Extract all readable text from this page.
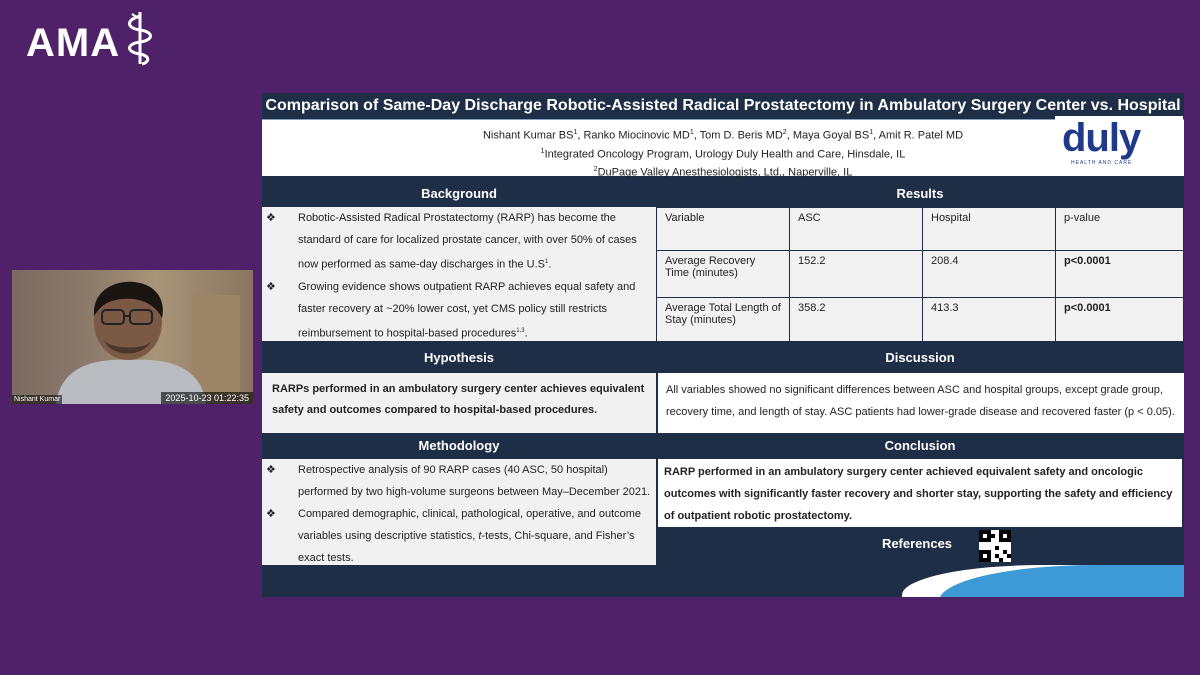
AMA
Nishant Kumar	2025-10-23 01:22:35
Comparison of Same-Day Discharge Robotic-Assisted Radical Prostatectomy in Ambulatory Surgery Center vs. Hospital
Nishant Kumar $BS^1$, Ranko Miocinovic $MD^1$, Tom D. Beris $MD^2$, Maya Goyal $BS^1$, Amit R. Patel MD
$^1$Integrated Oncology Program, Urology Duly Health and Care, Hinsdale, IL
$^2$DuPage Valley Anesthesiologists, Ltd., Naperville, IL
duly
HEALTH AND CARE
Background
❖ Robotic-Assisted Radical Prostatectomy (RARP) has become the standard of care for localized prostate cancer, with over 50% of cases now performed as same-day discharges in the $U.S^1$.
❖ Growing evidence shows outpatient RARP achieves equal safety and faster recovery at ~20% lower cost, yet CMS policy still restricts reimbursement to hospital-based procedures$^{1,3}$.
Results
Variable	ASC	Hospital	p-value
Average Recovery Time (minutes)	152.2	208.4	p<0.0001
Average Total Length of Stay (minutes)	358.2	413.3	p<0.0001
Hypothesis
RARPs performed in an ambulatory surgery center achieves equivalent safety and outcomes compared to hospital-based procedures.
Discussion
All variables showed no significant differences between ASC and hospital groups, except grade group, recovery time, and length of stay. ASC patients had lower-grade disease and recovered faster (p < 0.05).
Methodology
❖ Retrospective analysis of 90 RARP cases (40 ASC, 50 hospital) performed by two high-volume surgeons between May–December 2021.
❖ Compared demographic, clinical, pathological, operative, and outcome variables using descriptive statistics, t-tests, Chi-square, and Fisher’s exact tests.
Conclusion
RARP performed in an ambulatory surgery center achieved equivalent safety and oncologic outcomes with significantly faster recovery and shorter stay, supporting the safety and efficiency of outpatient robotic prostatectomy.
References
